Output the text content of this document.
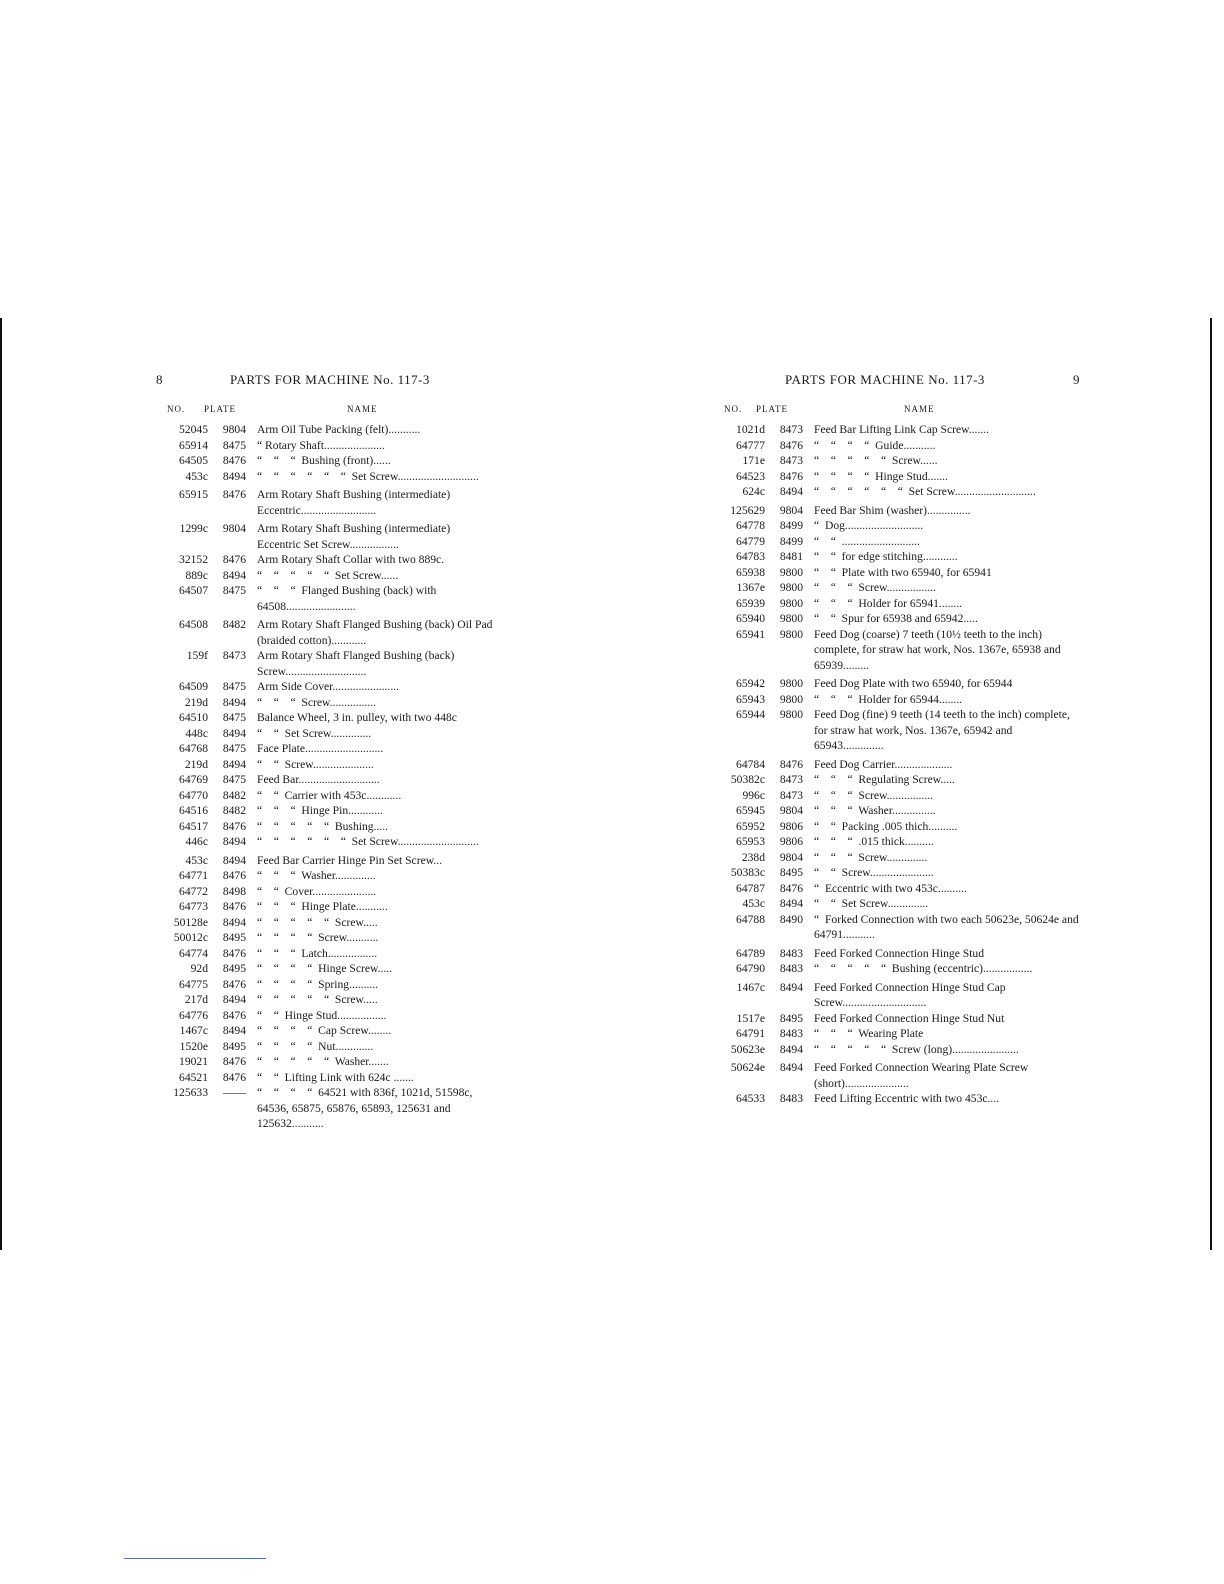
8	PARTS FOR MACHINE No. 117-3
NO. PLATE	NAME
52045	9804 Arm Oil Tube Packing (felt)...........
65914	8475 “ Rotary Shaft.....................
64505	8476 “    “    “  Bushing (front)......
453c	8494 “    “    “    “    “    “  Set Screw............................
65915	8476 Arm Rotary Shaft Bushing (intermediate) Eccentric..........................
1299c	9804 Arm Rotary Shaft Bushing (intermediate) Eccentric Set Screw.................
32152	8476 Arm Rotary Shaft Collar with two 889c.
889c	8494 “    “    “    “    “  Set Screw......
64507	8475 “    “    “  Flanged Bushing (back) with 64508........................
64508	8482 Arm Rotary Shaft Flanged Bushing (back) Oil Pad (braided cotton)............
159f	8473 Arm Rotary Shaft Flanged Bushing (back) Screw............................
64509	8475 Arm Side Cover.......................
219d	8494 “    “    “  Screw................
64510	8475 Balance Wheel, 3 in. pulley, with two 448c
448c	8494 “    “  Set Screw..............
64768	8475 Face Plate...........................
219d	8494 “    “  Screw.....................
64769	8475 Feed Bar............................
64770	8482 “    “  Carrier with 453c............
64516	8482 “    “    “  Hinge Pin............
64517	8476 “    “    “    “    “  Bushing.....
446c	8494 “    “    “    “    “    “  Set Screw............................
453c	8494 Feed Bar Carrier Hinge Pin Set Screw...
64771	8476 “    “    “  Washer..............
64772	8498 “    “  Cover......................
64773	8476 “    “    “  Hinge Plate...........
50128e	8494 “    “    “    “    “  Screw.....
50012c	8495 “    “    “    “  Screw...........
64774	8476 “    “    “  Latch.................
92d	8495 “    “    “    “  Hinge Screw.....
64775	8476 “    “    “    “  Spring..........
217d	8494 “    “    “    “    “  Screw.....
64776	8476 “    “  Hinge Stud.................
1467c	8494 “    “    “    “  Cap Screw........
1520e	8495 “    “    “    “  Nut.............
19021	8476 “    “    “    “    “  Washer.......
64521	8476 “    “  Lifting Link with 624c .......
125633	—— “    “    “    “  64521 with 836f, 1021d, 51598c, 64536, 65875, 65876, 65893, 125631 and 125632...........
PARTS FOR MACHINE No. 117-3	9
NO. PLATE	NAME
1021d	8473 Feed Bar Lifting Link Cap Screw.......
64777	8476 “    “    “    “  Guide...........
171e	8473 “    “    “    “    “  Screw......
64523	8476 “    “    “    “  Hinge Stud.......
624c	8494 “    “    “    “    “    “  Set Screw............................
125629	9804 Feed Bar Shim (washer)...............
64778	8499 “  Dog...........................
64779	8499 “    “  ...........................
64783	8481 “    “  for edge stitching............
65938	9800 “    “  Plate with two 65940, for 65941
1367e	9800 “    “    “  Screw.................
65939	9800 “    “    “  Holder for 65941........
65940	9800 “    “  Spur for 65938 and 65942.....
65941	9800 Feed Dog (coarse) 7 teeth (10½ teeth to the inch) complete, for straw hat work, Nos. 1367e, 65938 and 65939.........
65942	9800 Feed Dog Plate with two 65940, for 65944
65943	9800 “    “    “  Holder for 65944........
65944	9800 Feed Dog (fine) 9 teeth (14 teeth to the inch) complete, for straw hat work, Nos. 1367e, 65942 and 65943..............
64784	8476 Feed Dog Carrier....................
50382c	8473 “    “    “  Regulating Screw.....
996c	8473 “    “    “  Screw................
65945	9804 “    “    “  Washer...............
65952	9806 “    “  Packing .005 thich..........
65953	9806 “    “    “  .015 thick..........
238d	9804 “    “    “  Screw..............
50383c	8495 “    “  Screw......................
64787	8476 “  Eccentric with two 453c..........
453c	8494 “    “  Set Screw..............
64788	8490 “  Forked Connection with two each 50623e, 50624e and 64791...........
64789	8483 Feed Forked Connection Hinge Stud
64790	8483 “    “    “    “    “  Bushing (eccentric).................
1467c	8494 Feed Forked Connection Hinge Stud Cap Screw.............................
1517e	8495 Feed Forked Connection Hinge Stud Nut
64791	8483 “    “    “  Wearing Plate
50623e	8494 “    “    “    “    “  Screw (long).......................
50624e	8494 Feed Forked Connection Wearing Plate Screw (short)......................
64533	8483 Feed Lifting Eccentric with two 453c....
